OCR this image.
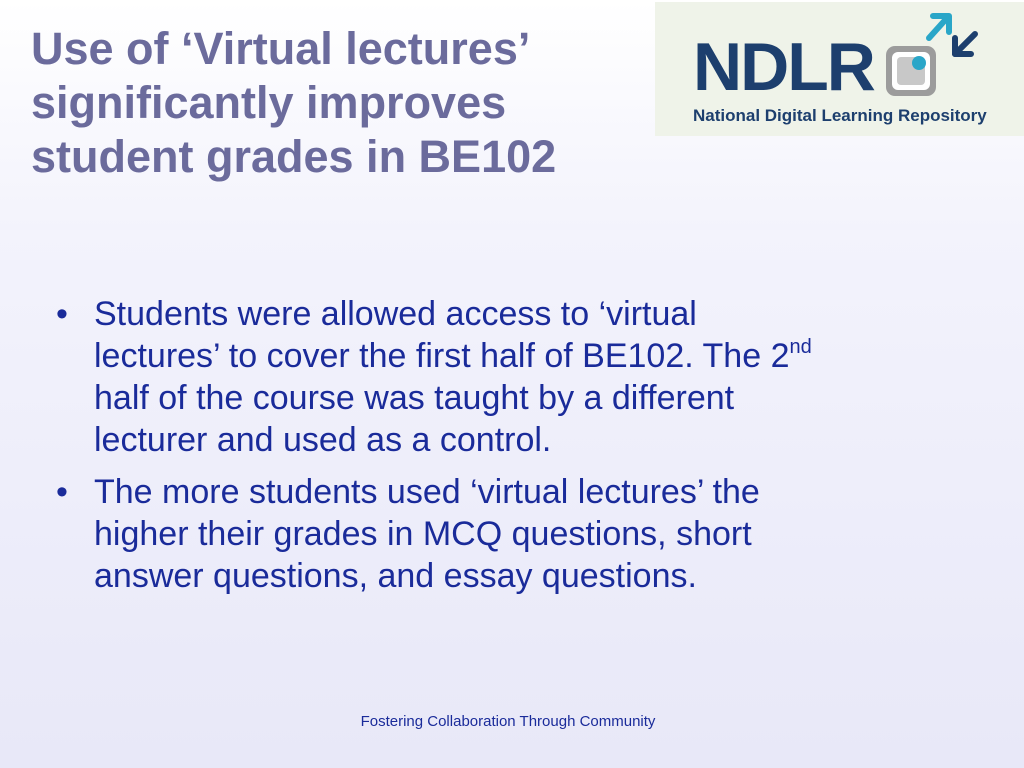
Use of ‘Virtual lectures’
significantly improves
student grades in BE102
NDLR
National Digital Learning Repository
• Students were allowed access to ‘virtual
lectures’ to cover the first half of BE102. The 2nd
half of the course was taught by a different
lecturer and used as a control.
• The more students used ‘virtual lectures’ the
higher their grades in MCQ questions, short
answer questions, and essay questions.
Fostering Collaboration Through Community
